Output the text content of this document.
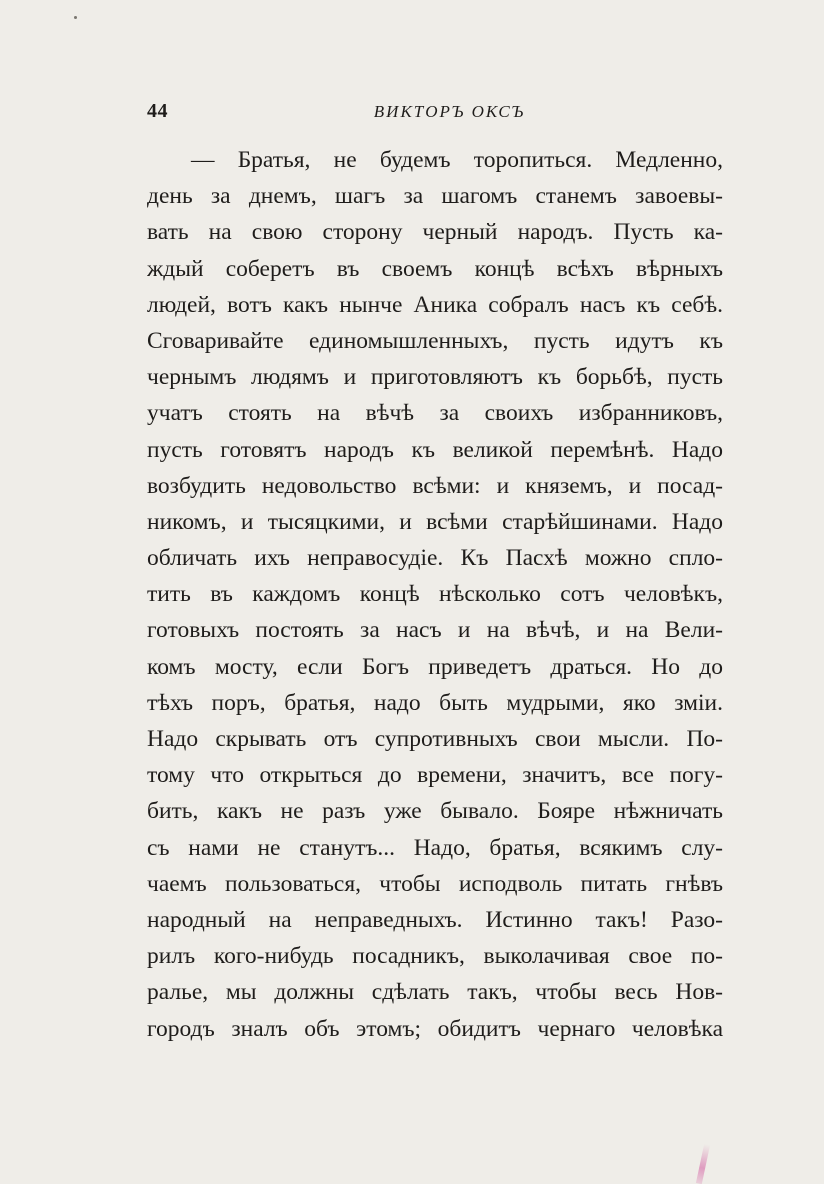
44	ВИКТОРЪ ОКСЪ
— Братья, не будемъ торопиться. Медленно,
день за днемъ, шагъ за шагомъ станемъ завоевы-
вать на свою сторону черный народъ. Пусть ка-
ждый соберетъ въ своемъ концѣ всѣхъ вѣрныхъ
людей, вотъ какъ нынче Аника собралъ насъ къ себѣ.
Сговаривайте единомышленныхъ, пусть идутъ къ
чернымъ людямъ и приготовляютъ къ борьбѣ, пусть
учатъ стоять на вѣчѣ за своихъ избранниковъ,
пусть готовятъ народъ къ великой перемѣнѣ. Надо
возбудить недовольство всѣми: и княземъ, и посад-
никомъ, и тысяцкими, и всѣми старѣйшинами. Надо
обличать ихъ неправосудіе. Къ Пасхѣ можно спло-
тить въ каждомъ концѣ нѣсколько сотъ человѣкъ,
готовыхъ постоять за насъ и на вѣчѣ, и на Вели-
комъ мосту, если Богъ приведетъ драться. Но до
тѣхъ поръ, братья, надо быть мудрыми, яко зміи.
Надо скрывать отъ супротивныхъ свои мысли. По-
тому что открыться до времени, значитъ, все погу-
бить, какъ не разъ уже бывало. Бояре нѣжничать
съ нами не станутъ... Надо, братья, всякимъ слу-
чаемъ пользоваться, чтобы исподволь питать гнѣвъ
народный на неправедныхъ. Истинно такъ! Разо-
рилъ кого-нибудь посадникъ, выколачивая свое по-
ралье, мы должны сдѣлать такъ, чтобы весь Нов-
городъ зналъ объ этомъ; обидитъ чернаго человѣка
